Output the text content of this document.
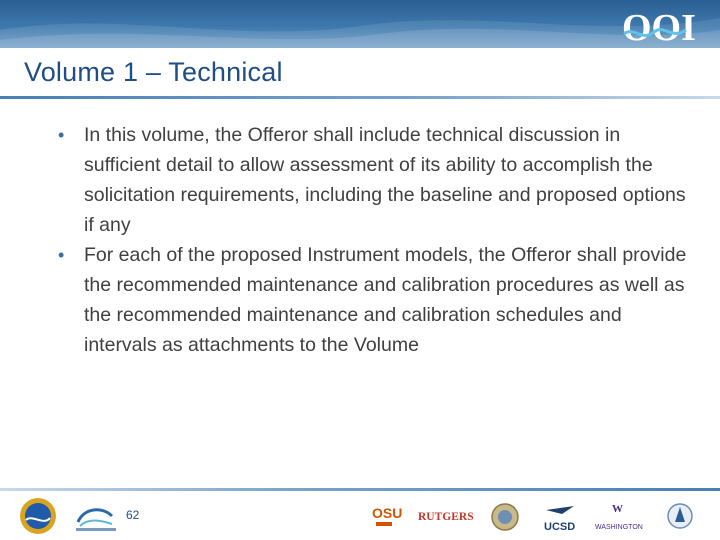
OOI
Volume 1 – Technical
• In this volume, the Offeror shall include technical discussion in sufficient detail to allow assessment of its ability to accomplish the solicitation requirements, including the baseline and proposed options if any
• For each of the proposed Instrument models, the Offeror shall provide the recommended maintenance and calibration procedures as well as the recommended maintenance and calibration schedules and intervals as attachments to the Volume
62	OSU RUTGERS
UCSD
W
WASHINGTON
